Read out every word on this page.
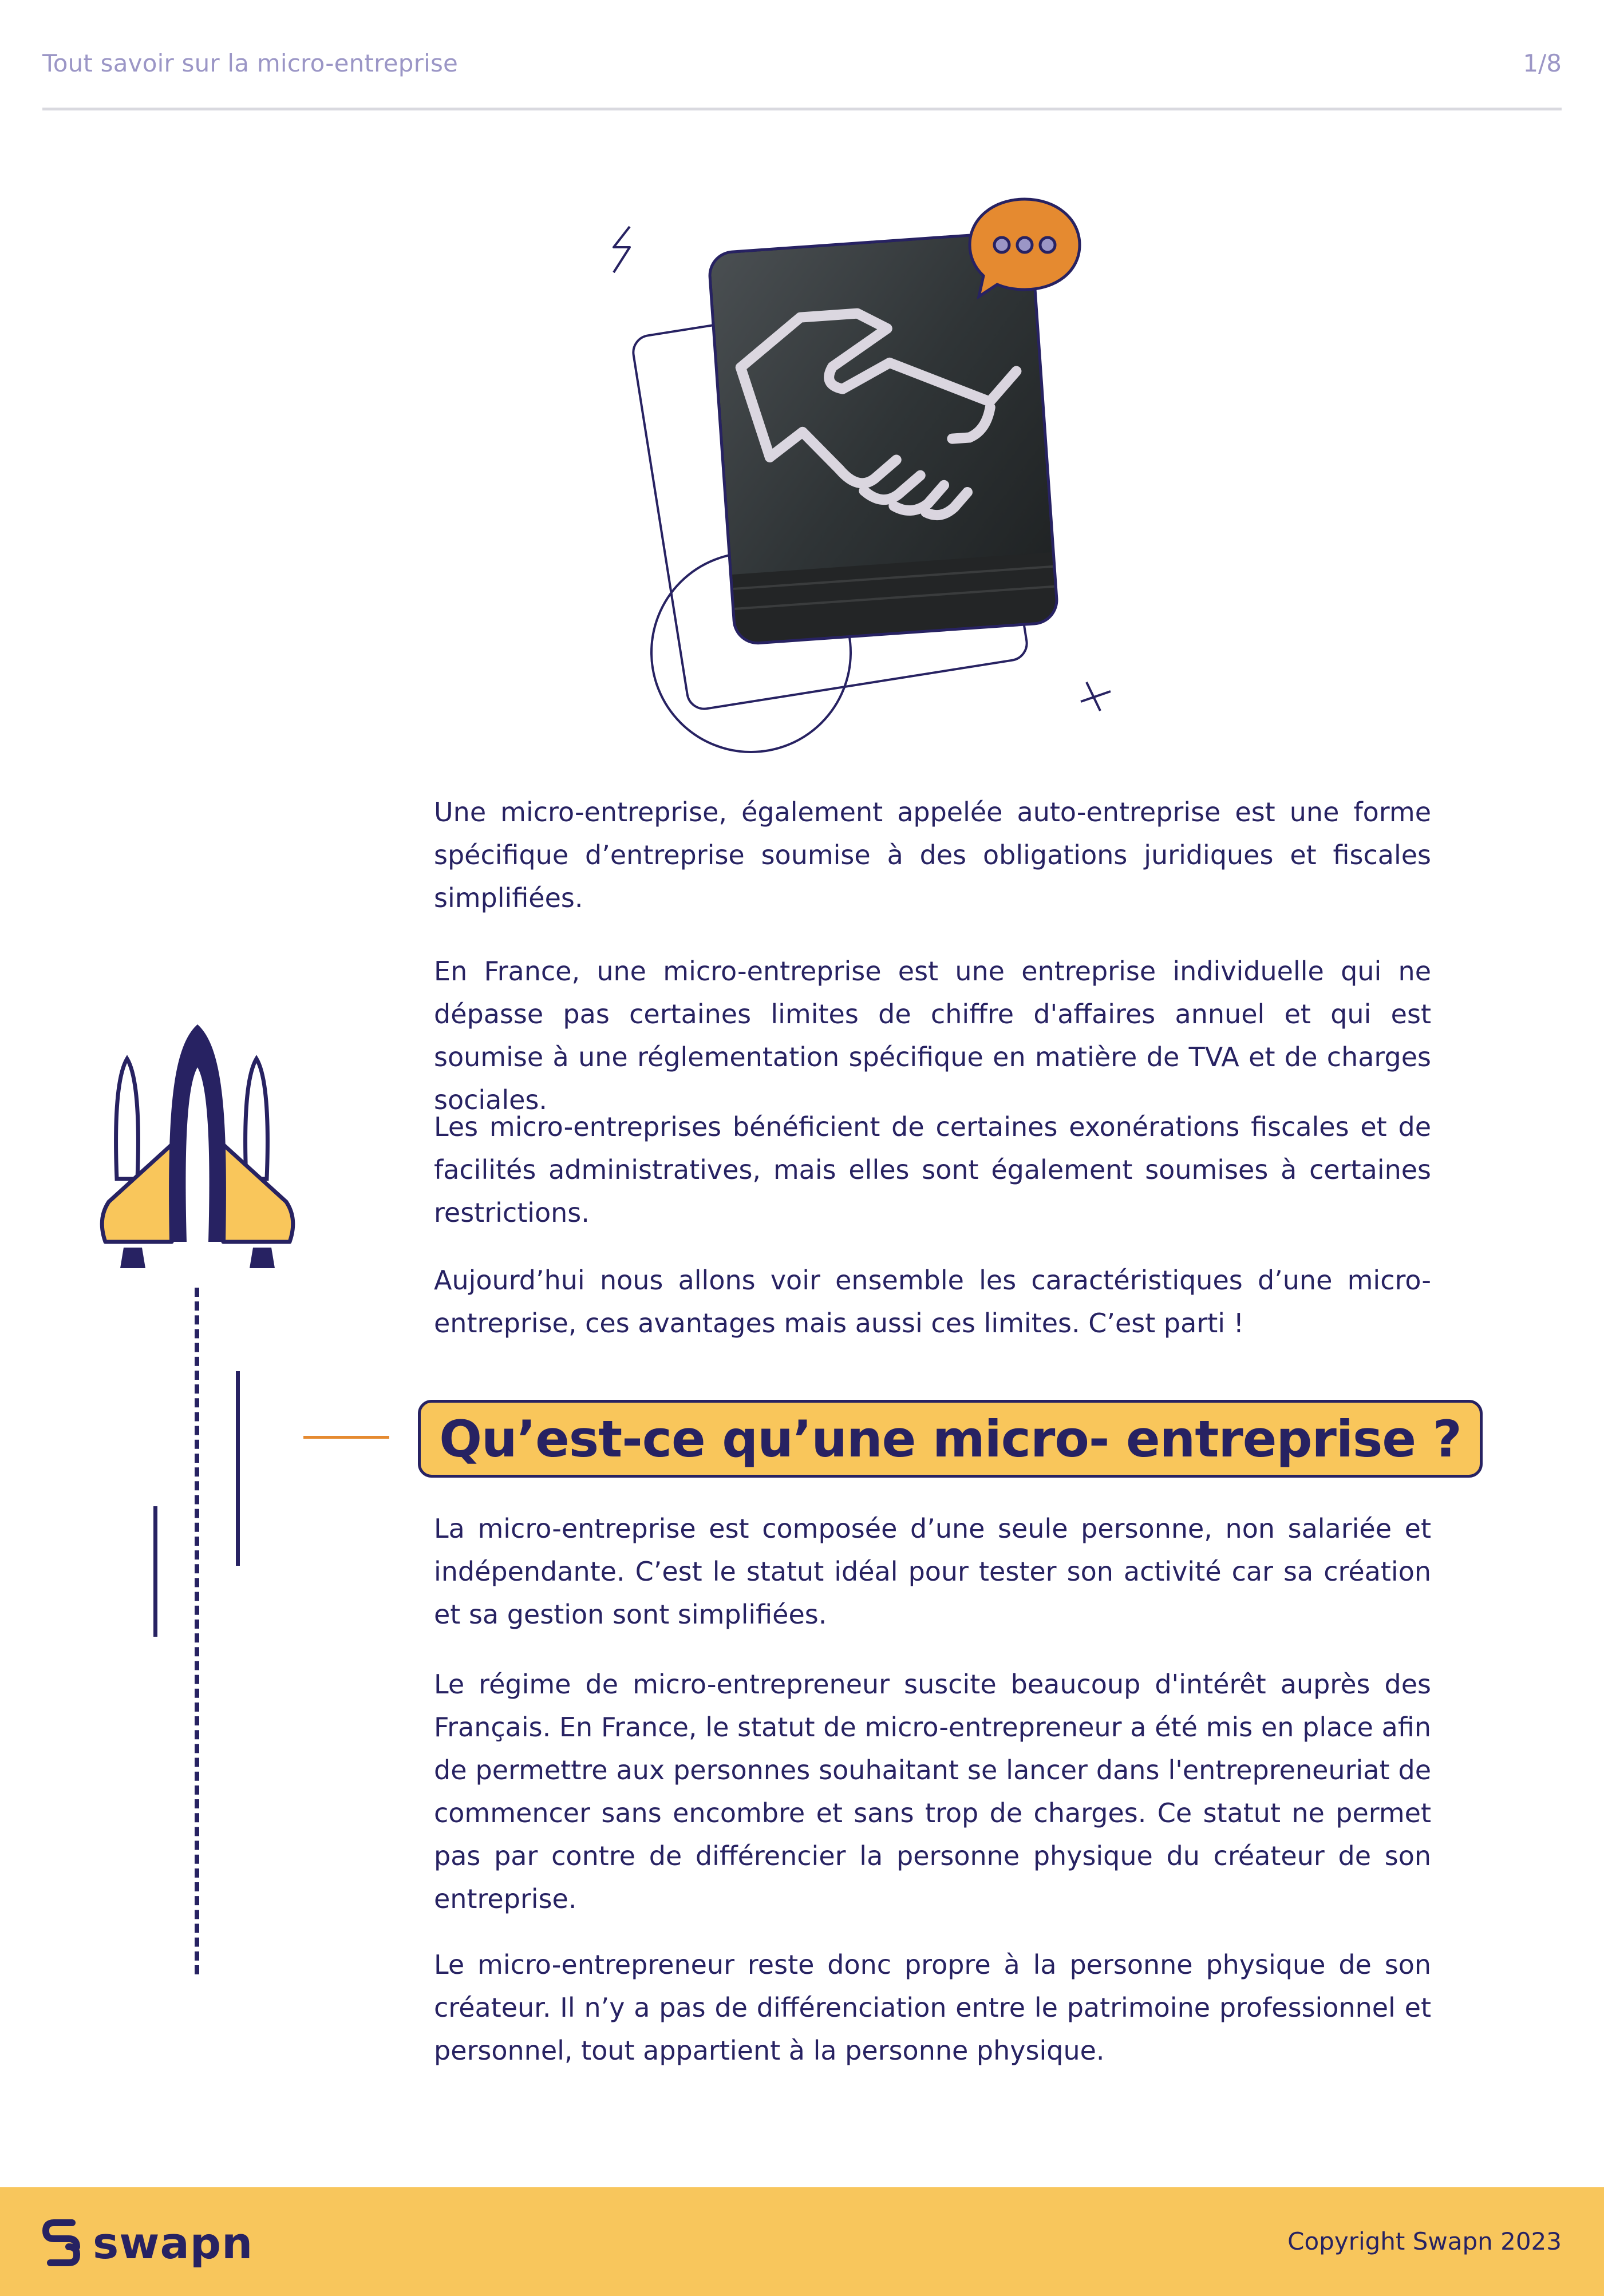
Tout savoir sur la micro-entreprise	1/8

Une micro-entreprise, également appelée auto-entreprise est une forme spécifique d’entreprise soumise à des obligations juridiques et fiscales simplifiées.

En France, une micro-entreprise est une entreprise individuelle qui ne dépasse pas certaines limites de chiffre d'affaires annuel et qui est soumise à une réglementation spécifique en matière de TVA et de charges sociales.

Les micro-entreprises bénéficient de certaines exonérations fiscales et de facilités administratives, mais elles sont également soumises à certaines restrictions.

Aujourd’hui nous allons voir ensemble les caractéristiques d’une micro-entreprise, ces avantages mais aussi ces limites. C’est parti !

Qu’est-ce qu’une micro- entreprise ?

La micro-entreprise est composée d’une seule personne, non salariée et indépendante. C’est le statut idéal pour tester son activité car sa création et sa gestion sont simplifiées.

Le régime de micro-entrepreneur suscite beaucoup d'intérêt auprès des Français. En France, le statut de micro-entrepreneur a été mis en place afin de permettre aux personnes souhaitant se lancer dans l'entrepreneuriat de commencer sans encombre et sans trop de charges. Ce statut ne permet pas par contre de différencier la personne physique du créateur de son entreprise.

Le micro-entrepreneur reste donc propre à la personne physique de son créateur. Il n’y a pas de différenciation entre le patrimoine professionnel et personnel, tout appartient à la personne physique.

swapn	Copyright Swapn 2023
